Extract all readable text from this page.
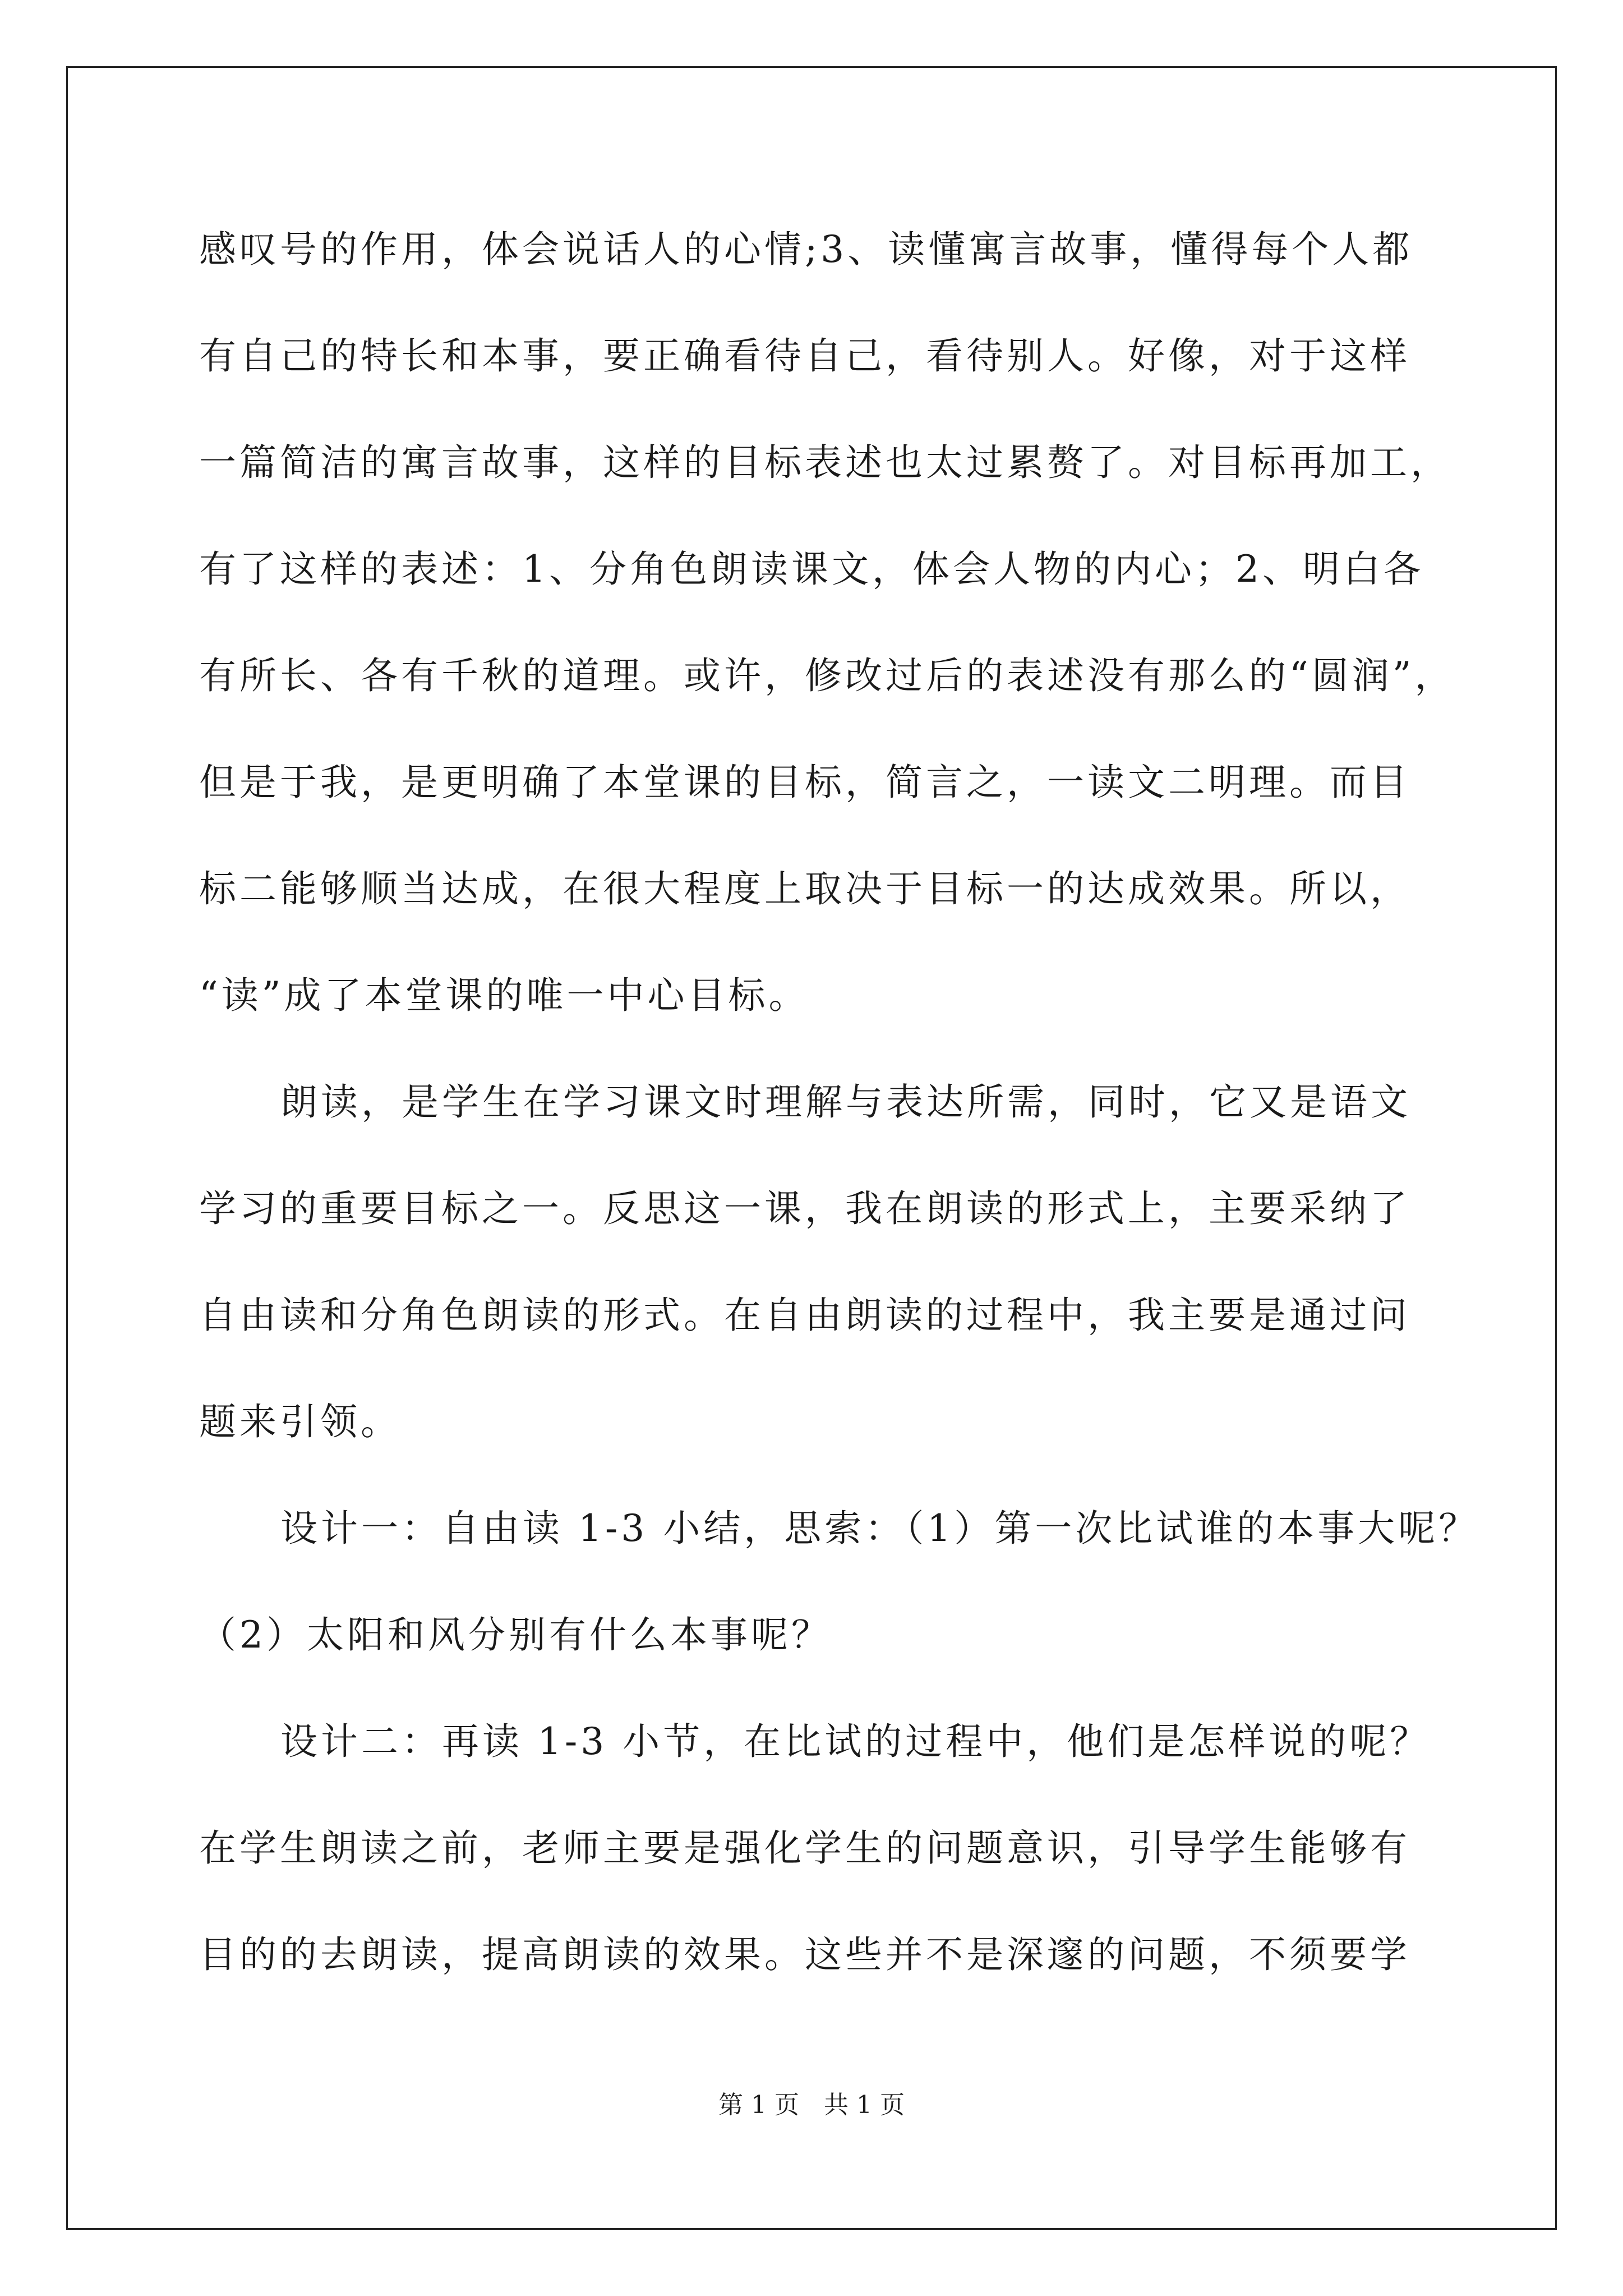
感叹号的作用，体会说话人的心情;3、读懂寓言故事，懂得每个人都
有自己的特长和本事，要正确看待自己，看待别人。好像，对于这样
一篇简洁的寓言故事，这样的目标表述也太过累赘了。对目标再加工，
有了这样的表述：1、分角色朗读课文，体会人物的内心；2、明白各
有所长、各有千秋的道理。或许，修改过后的表述没有那么的“圆润”，
但是于我，是更明确了本堂课的目标，简言之，一读文二明理。而目
标二能够顺当达成，在很大程度上取决于目标一的达成效果。所以，
“读”成了本堂课的唯一中心目标。
朗读，是学生在学习课文时理解与表达所需，同时，它又是语文
学习的重要目标之一。反思这一课，我在朗读的形式上，主要采纳了
自由读和分角色朗读的形式。在自由朗读的过程中，我主要是通过问
题来引领。
设计一：自由读 1-3 小结，思索：（1）第一次比试谁的本事大呢？
（2）太阳和风分别有什么本事呢？
设计二：再读 1-3 小节，在比试的过程中，他们是怎样说的呢？
在学生朗读之前，老师主要是强化学生的问题意识，引导学生能够有
目的的去朗读，提高朗读的效果。这些并不是深邃的问题，不须要学
第 1 页　共 1 页
